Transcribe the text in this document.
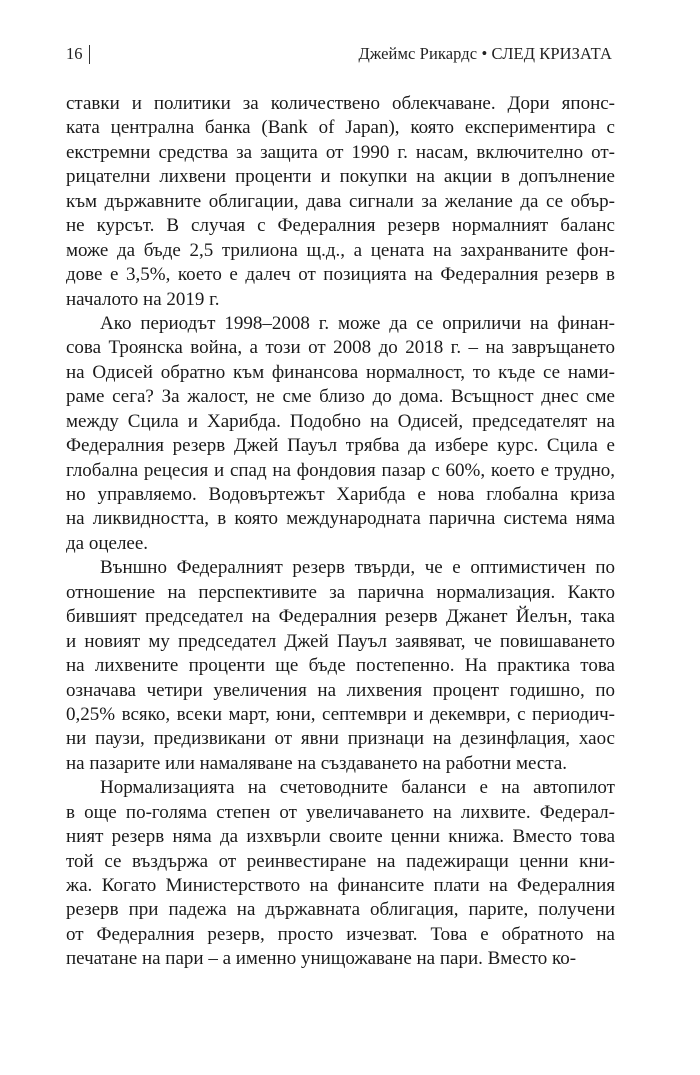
16	Джеймс Рикардс • СЛЕД КРИЗАТА
ставки и политики за количествено облекчаване. Дори японс-
ката централна банка (Bank of Japan), която експериментира с
екстремни средства за защита от 1990 г. насам, включително от-
рицателни лихвени проценти и покупки на акции в допълнение
към държавните облигации, дава сигнали за желание да се обър-
не курсът. В случая с Федералния резерв нормалният баланс
може да бъде 2,5 трилиона щ.д., а цената на захранваните фон-
дове е 3,5%, което е далеч от позицията на Федералния резерв в
началото на 2019 г.
Ако периодът 1998–2008 г. може да се оприличи на финан-
сова Троянска война, а този от 2008 до 2018 г. – на завръщането
на Одисей обратно към финансова нормалност, то къде се нами-
раме сега? За жалост, не сме близо до дома. Всъщност днес сме
между Сцила и Харибда. Подобно на Одисей, председателят на
Федералния резерв Джей Пауъл трябва да избере курс. Сцила е
глобална рецесия и спад на фондовия пазар с 60%, което е трудно,
но управляемо. Водовъртежът Харибда е нова глобална криза
на ликвидността, в която международната парична система няма
да оцелее.
Външно Федералният резерв твърди, че е оптимистичен по
отношение на перспективите за парична нормализация. Както
бившият председател на Федералния резерв Джанет Йелън, така
и новият му председател Джей Пауъл заявяват, че повишаването
на лихвените проценти ще бъде постепенно. На практика това
означава четири увеличения на лихвения процент годишно, по
0,25% всяко, всеки март, юни, септември и декември, с периодич-
ни паузи, предизвикани от явни признаци на дезинфлация, хаос
на пазарите или намаляване на създаването на работни места.
Нормализацията на счетоводните баланси е на автопилот
в още по-голяма степен от увеличаването на лихвите. Федерал-
ният резерв няма да изхвърли своите ценни книжа. Вместо това
той се въздържа от реинвестиране на падежиращи ценни кни-
жа. Когато Министерството на финансите плати на Федералния
резерв при падежа на държавната облигация, парите, получени
от Федералния резерв, просто изчезват. Това е обратното на
печатане на пари – а именно унищожаване на пари. Вместо ко-
